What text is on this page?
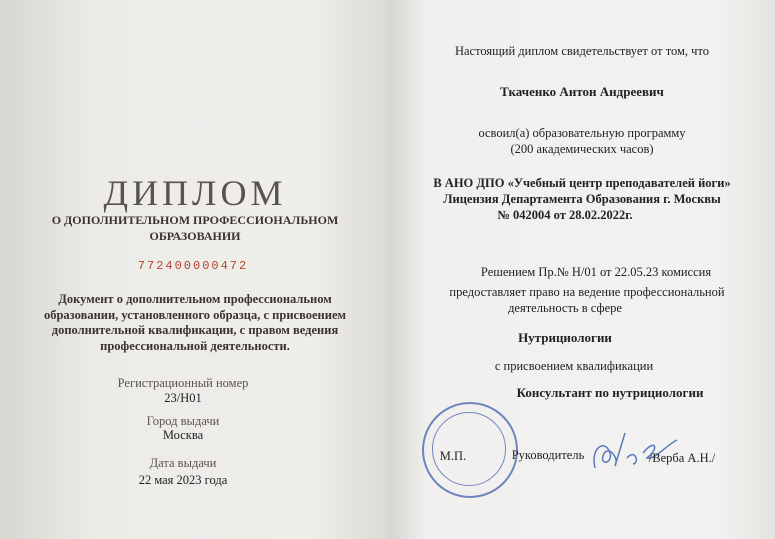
ДИПЛОМ
О ДОПОЛНИТЕЛЬНОМ ПРОФЕССИОНАЛЬНОМ
ОБРАЗОВАНИИ
772400000472
Документ о дополнительном профессиональном
образовании, установленного образца, с присвоением
дополнительной квалификации, с правом ведения
профессиональной деятельности.
Регистрационный номер
23/Н01
Город выдачи
Москва
Дата выдачи
22 мая 2023 года
Настоящий диплом свидетельствует от том, что
Ткаченко Антон Андреевич
освоил(а) образовательную программу
(200 академических часов)
В АНО ДПО «Учебный центр преподавателей йоги»
Лицензия Департамента Образования г. Москвы
№ 042004 от 28.02.2022г.
Решением Пр.№ Н/01 от 22.05.23 комиссия
предоставляет право на ведение профессиональной
деятельность в сфере
Нутрициологии
с присвоением квалификации
Консультант по нутрициологии
М.П.	Руководитель	/Верба А.Н./
